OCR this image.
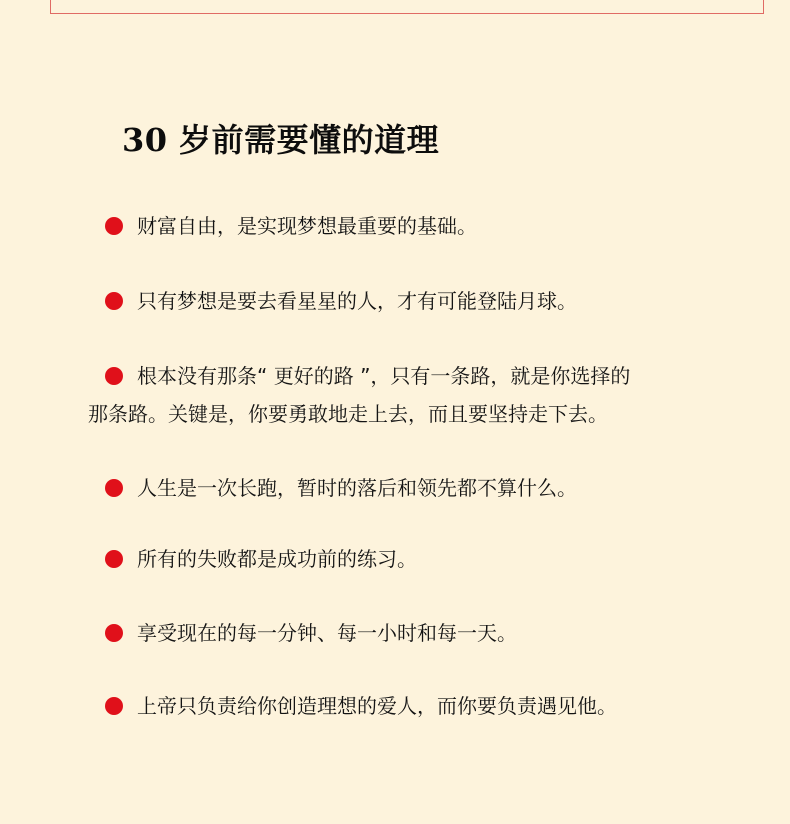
30 岁前需要懂的道理
财富自由，是实现梦想最重要的基础。
只有梦想是要去看星星的人，才有可能登陆月球。
根本没有那条“ 更好的路 ”，只有一条路，就是你选择的
那条路。关键是，你要勇敢地走上去，而且要坚持走下去。
人生是一次长跑，暂时的落后和领先都不算什么。
所有的失败都是成功前的练习。
享受现在的每一分钟、每一小时和每一天。
上帝只负责给你创造理想的爱人，而你要负责遇见他。
